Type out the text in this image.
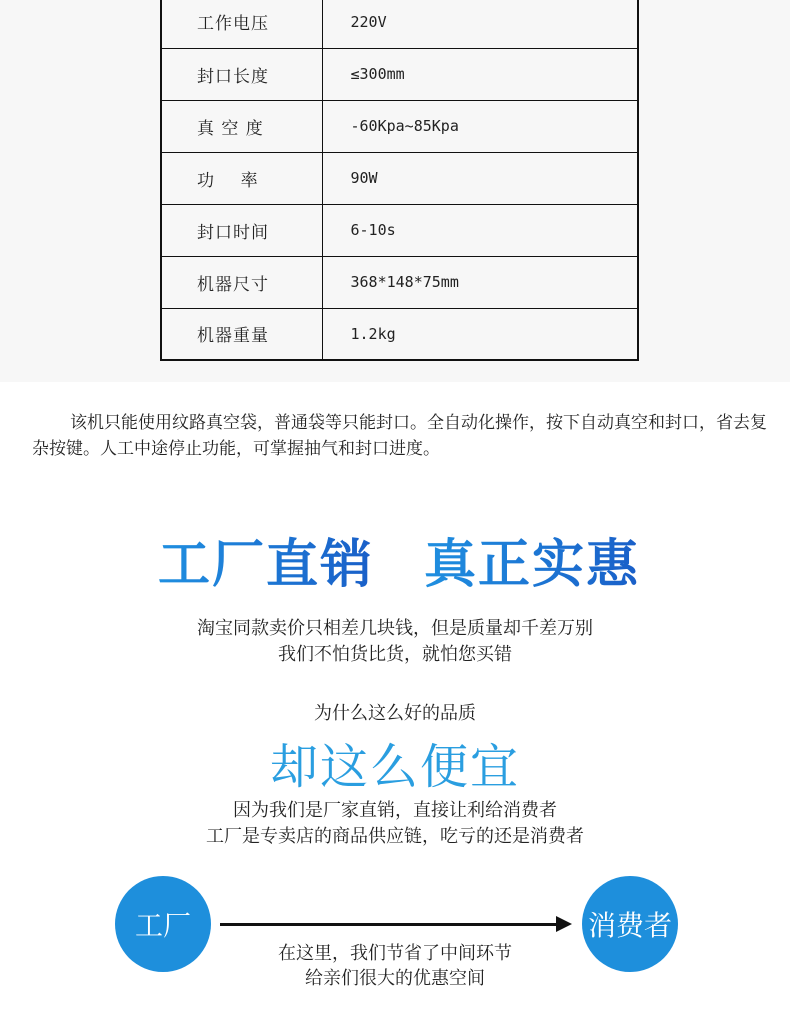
工作电压	220V
封口长度	≤300mm
真 空 度	-60Kpa~85Kpa
功    率	90W
封口时间	6-10s
机器尺寸	368*148*75mm
机器重量	1.2kg

该机只能使用纹路真空袋，普通袋等只能封口。全自动化操作，按下自动真空和封口，省去复杂按键。人工中途停止功能，可掌握抽气和封口进度。

工厂直销 真正实惠
淘宝同款卖价只相差几块钱，但是质量却千差万别
我们不怕货比货，就怕您买错
为什么这么好的品质
却这么便宜
因为我们是厂家直销，直接让利给消费者
工厂是专卖店的商品供应链，吃亏的还是消费者
工厂	消费者
在这里，我们节省了中间环节
给亲们很大的优惠空间
